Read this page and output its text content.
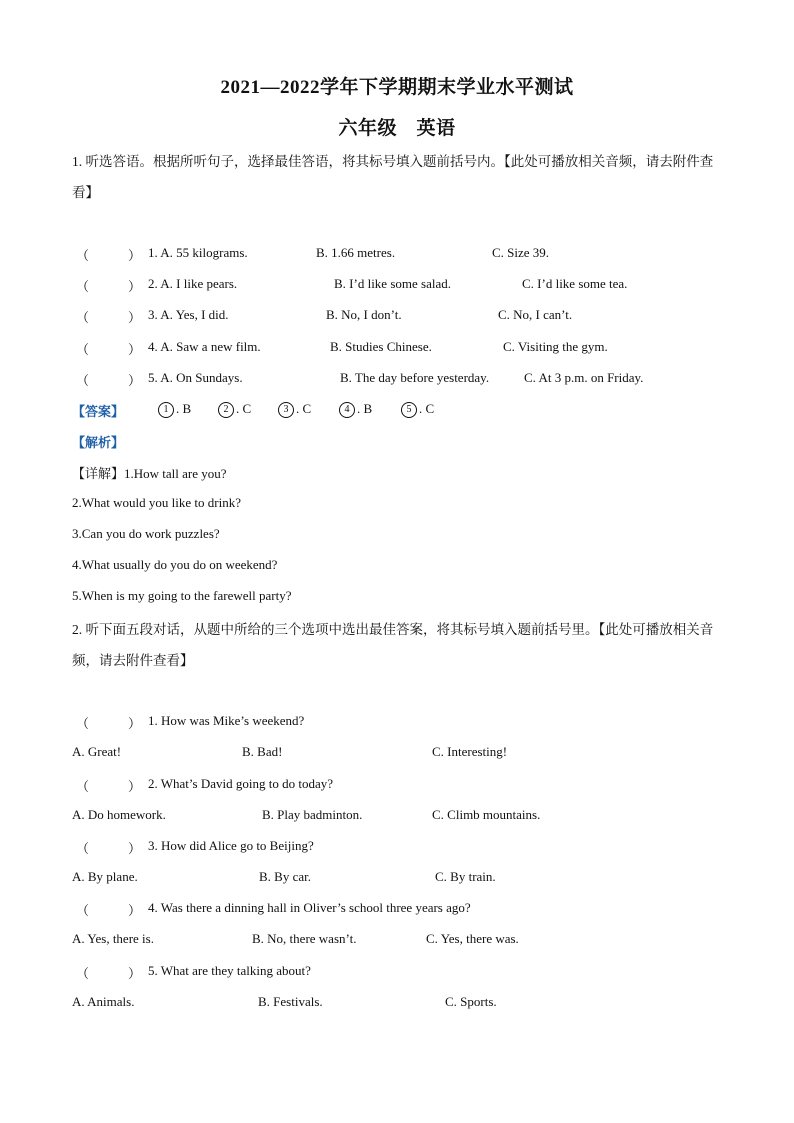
2021—2022学年下学期期末学业水平测试
六年级　英语
1. 听选答语。根据所听句子，选择最佳答语，将其标号填入题前括号内。【此处可播放相关音频，请去附件查看】
（　　　） 1. A. 55 kilograms.	B. 1.66 metres.	C. Size 39.
（　　　） 2. A. I like pears.	B. I’d like some salad.	C. I’d like some tea.
（　　　） 3. A. Yes, I did.	B. No, I don’t.	C. No, I can’t.
（　　　） 4. A. Saw a new film.	B. Studies Chinese.	C. Visiting the gym.
（　　　） 5. A. On Sundays.	B. The day before yesterday.	C. At 3 p.m. on Friday.
【答案】	1 . B	2 . C	3 . C	4 . B	5 . C
【解析】
【详解】1.How tall are you?
2.What would you like to drink?
3.Can you do work puzzles?
4.What usually do you do on weekend?
5.When is my going to the farewell party?
2. 听下面五段对话，从题中所给的三个选项中选出最佳答案，将其标号填入题前括号里。【此处可播放相关音频，请去附件查看】
（　　　） 1. How was Mike’s weekend?
A. Great!	B. Bad!	C. Interesting!
（　　　） 2. What’s David going to do today?
A. Do homework.	B. Play badminton.	C. Climb mountains.
（　　　） 3. How did Alice go to Beijing?
A. By plane.	B. By car.	C. By train.
（　　　） 4. Was there a dinning hall in Oliver’s school three years ago?
A. Yes, there is.	B. No, there wasn’t.	C. Yes, there was.
（　　　） 5. What are they talking about?
A. Animals.	B. Festivals.	C. Sports.
